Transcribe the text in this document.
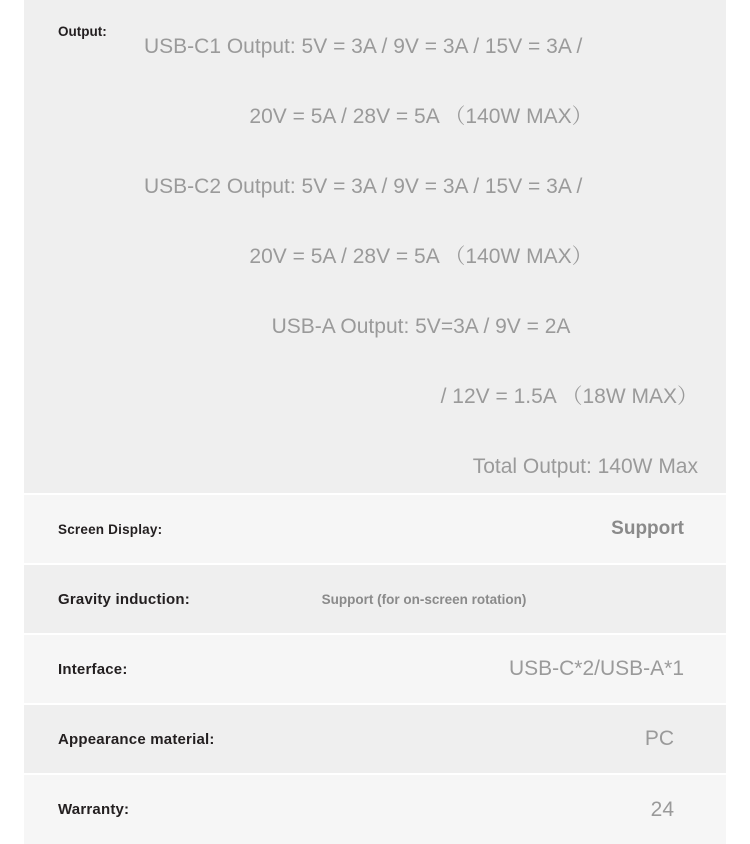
Output:
USB-C1 Output: 5V = 3A / 9V = 3A / 15V = 3A /
20V = 5A / 28V = 5A （140W MAX）
USB-C2 Output: 5V = 3A / 9V = 3A / 15V = 3A /
20V = 5A / 28V = 5A （140W MAX）
USB-A Output: 5V=3A / 9V = 2A
/ 12V = 1.5A （18W MAX）
Total Output: 140W Max
Screen Display:	Support
Gravity induction:	Support (for on-screen rotation)
Interface:	USB-C*2/USB-A*1
Appearance material:	PC
Warranty:	24
